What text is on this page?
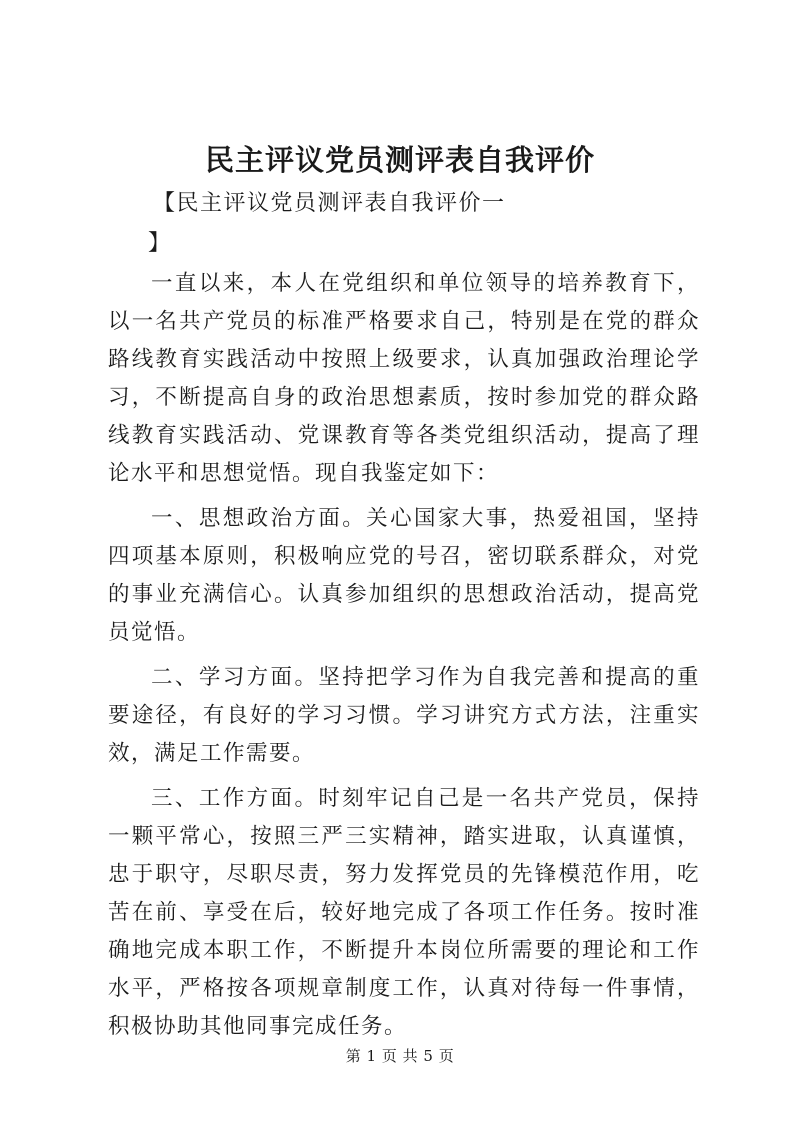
民主评议党员测评表自我评价
【民主评议党员测评表自我评价一
】

一直以来，本人在党组织和单位领导的培养教育下，以一名共产党员的标准严格要求自己，特别是在党的群众路线教育实践活动中按照上级要求，认真加强政治理论学习，不断提高自身的政治思想素质，按时参加党的群众路线教育实践活动、党课教育等各类党组织活动，提高了理论水平和思想觉悟。现自我鉴定如下：

一、思想政治方面。关心国家大事，热爱祖国，坚持四项基本原则，积极响应党的号召，密切联系群众，对党的事业充满信心。认真参加组织的思想政治活动，提高党员觉悟。

二、学习方面。坚持把学习作为自我完善和提高的重要途径，有良好的学习习惯。学习讲究方式方法，注重实效，满足工作需要。

三、工作方面。时刻牢记自己是一名共产党员，保持一颗平常心，按照三严三实精神，踏实进取，认真谨慎，忠于职守，尽职尽责，努力发挥党员的先锋模范作用，吃苦在前、享受在后，较好地完成了各项工作任务。按时准确地完成本职工作，不断提升本岗位所需要的理论和工作水平，严格按各项规章制度工作，认真对待每一件事情，积极协助其他同事完成任务。

第 1 页 共 5 页
